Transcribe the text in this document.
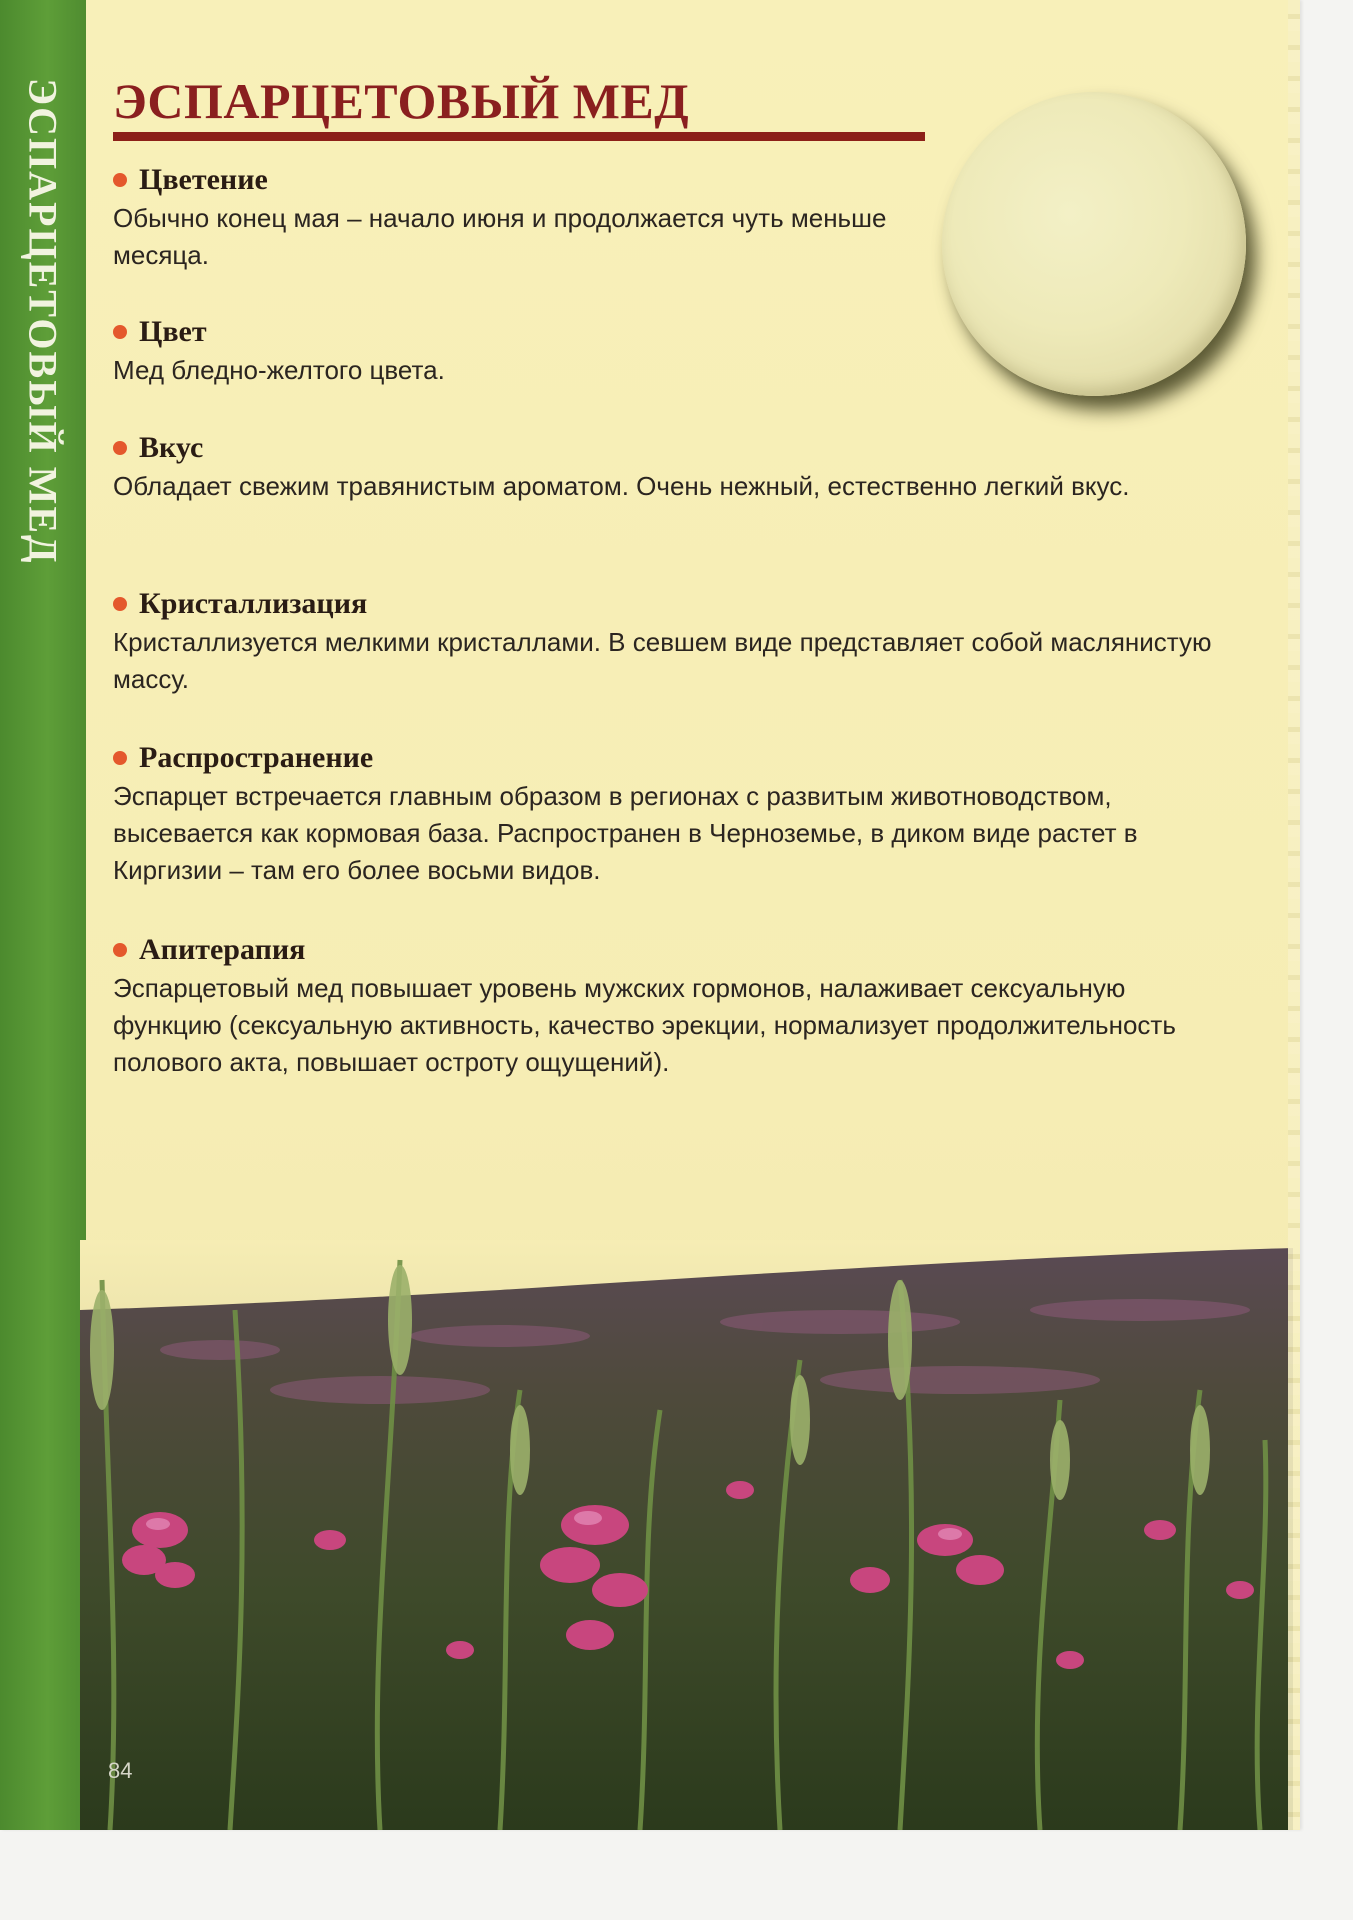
ЭСПАРЦЕТОВЫЙ МЕД ЭСПАРЦЕТОВЫЙ МЕД
Цветение

Обычно конец мая – начало июня и продолжается чуть меньше месяца.

Цвет

Мед бледно-желтого цвета.

Вкус

Обладает свежим травянистым ароматом. Очень нежный, естественно легкий вкус.

Кристаллизация

Кристаллизуется мелкими кристаллами. В севшем виде представляет собой маслянистую массу.

Распространение

Эспарцет встречается главным образом в регионах с развитым животноводством, высевается как кормовая база. Распространен в Черноземье, в диком виде растет в Киргизии – там его более восьми видов.

Апитерапия

Эспарцетовый мед повышает уровень мужских гормонов, налаживает сексуальную функцию (сексуальную активность, качество эрекции, нормализует продолжительность полового акта, повышает остроту ощущений).

84
